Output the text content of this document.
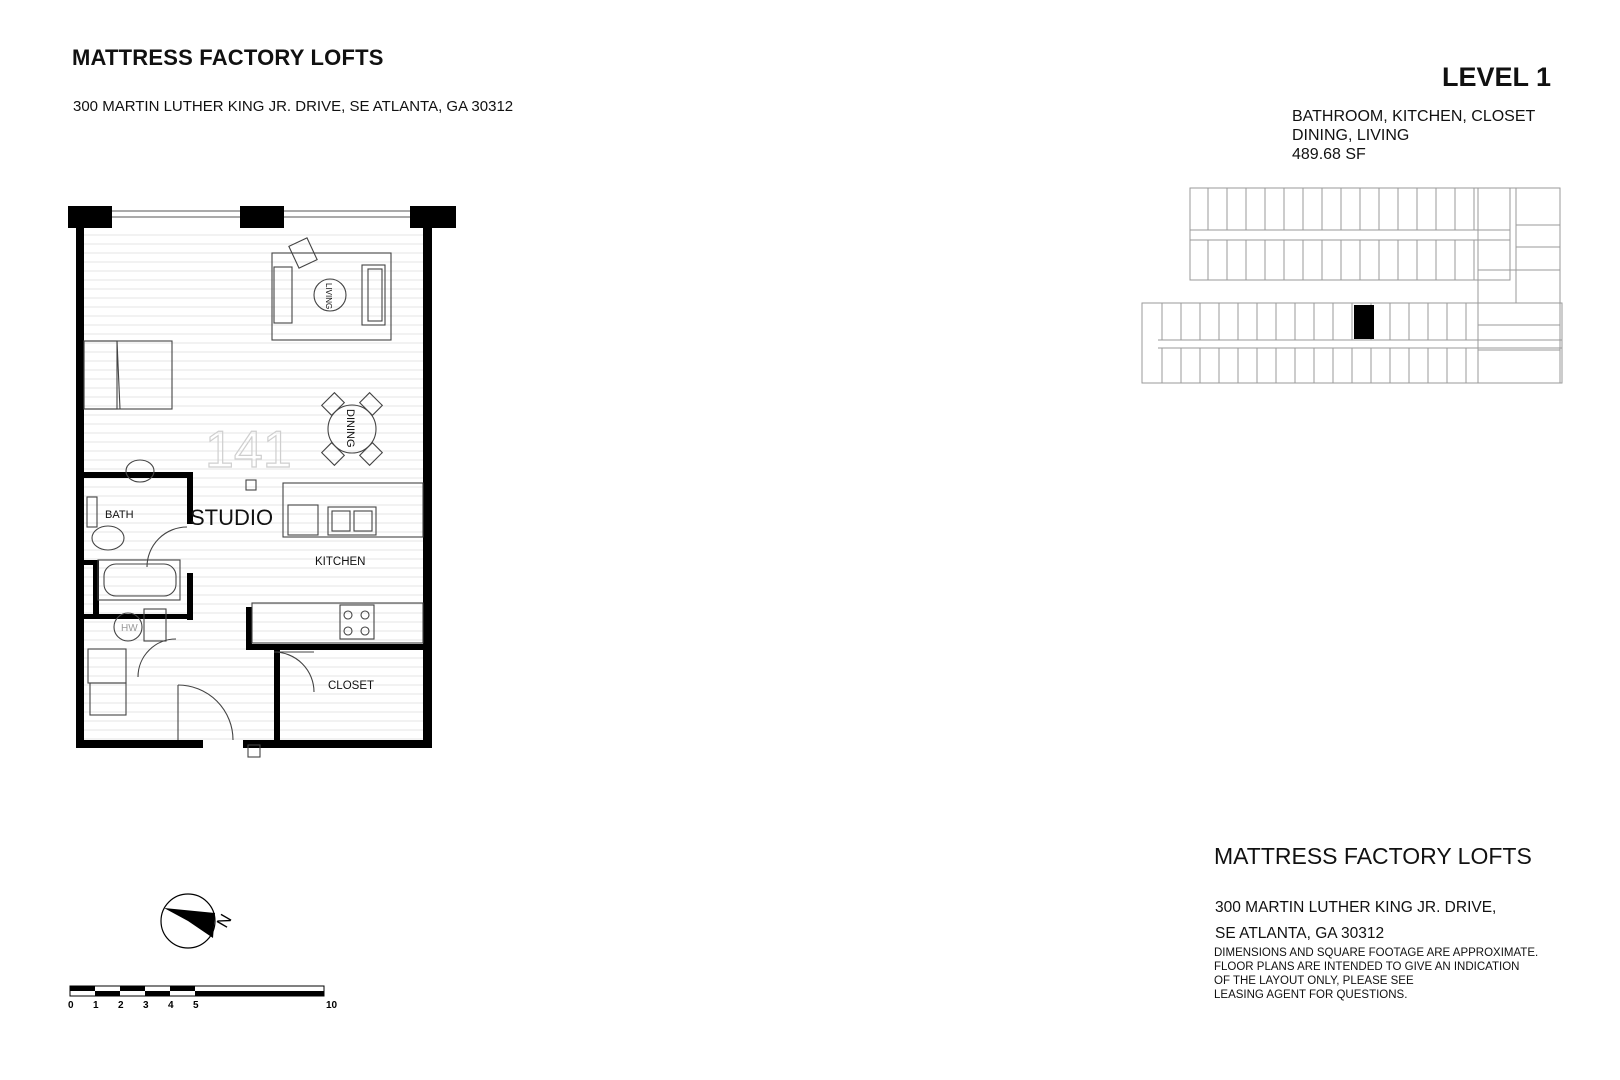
MATTRESS FACTORY LOFTS
300 MARTIN LUTHER KING JR. DRIVE, SE ATLANTA, GA 30312
LEVEL 1
BATHROOM, KITCHEN, CLOSET
DINING, LIVING
489.68 SF
141
STUDIO
BATH
KITCHEN
CLOSET
HW
LIVING
DINING
N
0 1 2 3 4 5	10
MATTRESS FACTORY LOFTS
300 MARTIN LUTHER KING JR. DRIVE,
SE ATLANTA, GA 30312
DIMENSIONS AND SQUARE FOOTAGE ARE APPROXIMATE.
FLOOR PLANS ARE INTENDED TO GIVE AN INDICATION
OF THE LAYOUT ONLY, PLEASE SEE
LEASING AGENT FOR QUESTIONS.
